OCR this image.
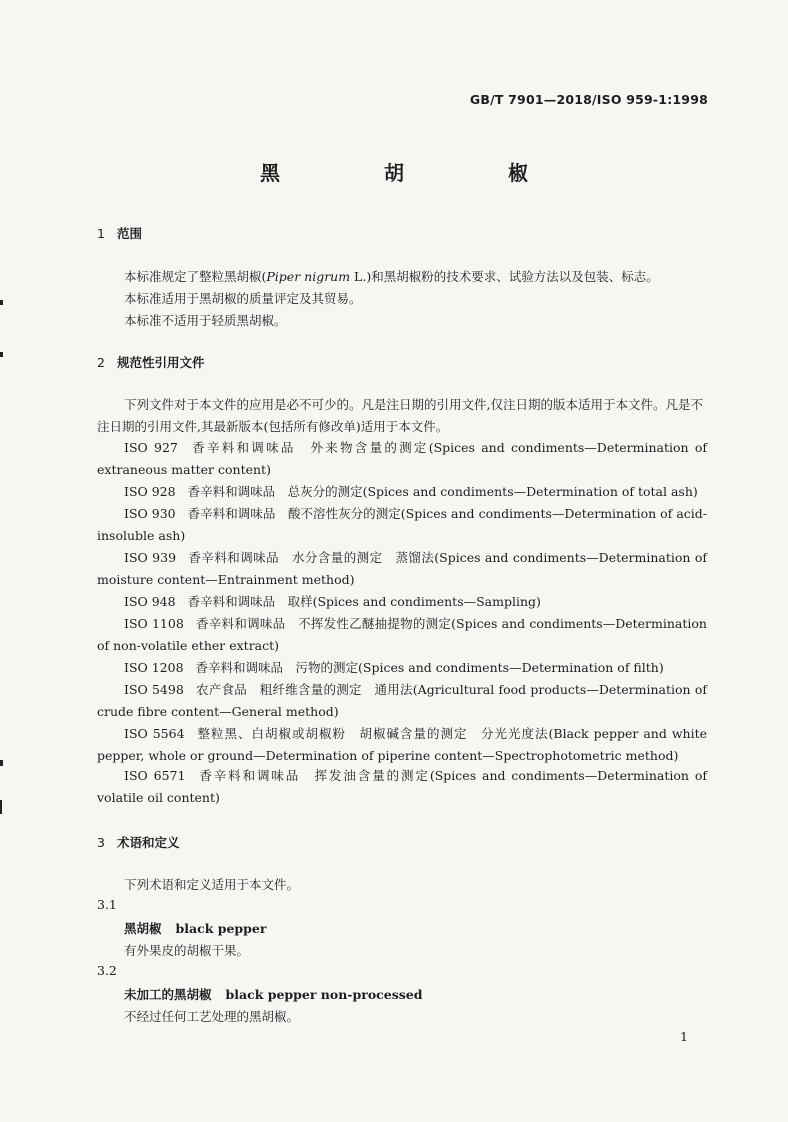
GB/T 7901—2018/ISO 959-1:1998
黑　胡　椒
1 范围
本标准规定了整粒黑胡椒(Piper nigrum L.)和黑胡椒粉的技术要求、试验方法以及包装、标志。
本标准适用于黑胡椒的质量评定及其贸易。
本标准不适用于轻质黑胡椒。
2 规范性引用文件
下列文件对于本文件的应用是必不可少的。凡是注日期的引用文件,仅注日期的版本适用于本文件。凡是不注日期的引用文件,其最新版本(包括所有修改单)适用于本文件。
ISO 927 香辛料和调味品　外来物含量的测定(Spices and condiments—Determination of extraneous matter content)
ISO 928 香辛料和调味品　总灰分的测定(Spices and condiments—Determination of total ash)
ISO 930 香辛料和调味品　酸不溶性灰分的测定(Spices and condiments—Determination of acid-insoluble ash)
ISO 939 香辛料和调味品　水分含量的测定　蒸馏法(Spices and condiments—Determination of moisture content—Entrainment method)
ISO 948 香辛料和调味品　取样(Spices and condiments—Sampling)
ISO 1108 香辛料和调味品　不挥发性乙醚抽提物的测定(Spices and condiments—Determination of non-volatile ether extract)
ISO 1208 香辛料和调味品　污物的测定(Spices and condiments—Determination of filth)
ISO 5498 农产食品　粗纤维含量的测定　通用法(Agricultural food products—Determination of crude fibre content—General method)
ISO 5564 整粒黑、白胡椒或胡椒粉　胡椒碱含量的测定　分光光度法(Black pepper and white pepper, whole or ground—Determination of piperine content—Spectrophotometric method)
ISO 6571 香辛料和调味品　挥发油含量的测定(Spices and condiments—Determination of volatile oil content)
3 术语和定义
下列术语和定义适用于本文件。
3.1
黑胡椒 black pepper
有外果皮的胡椒干果。
3.2
未加工的黑胡椒 black pepper non-processed
不经过任何工艺处理的黑胡椒。
1
